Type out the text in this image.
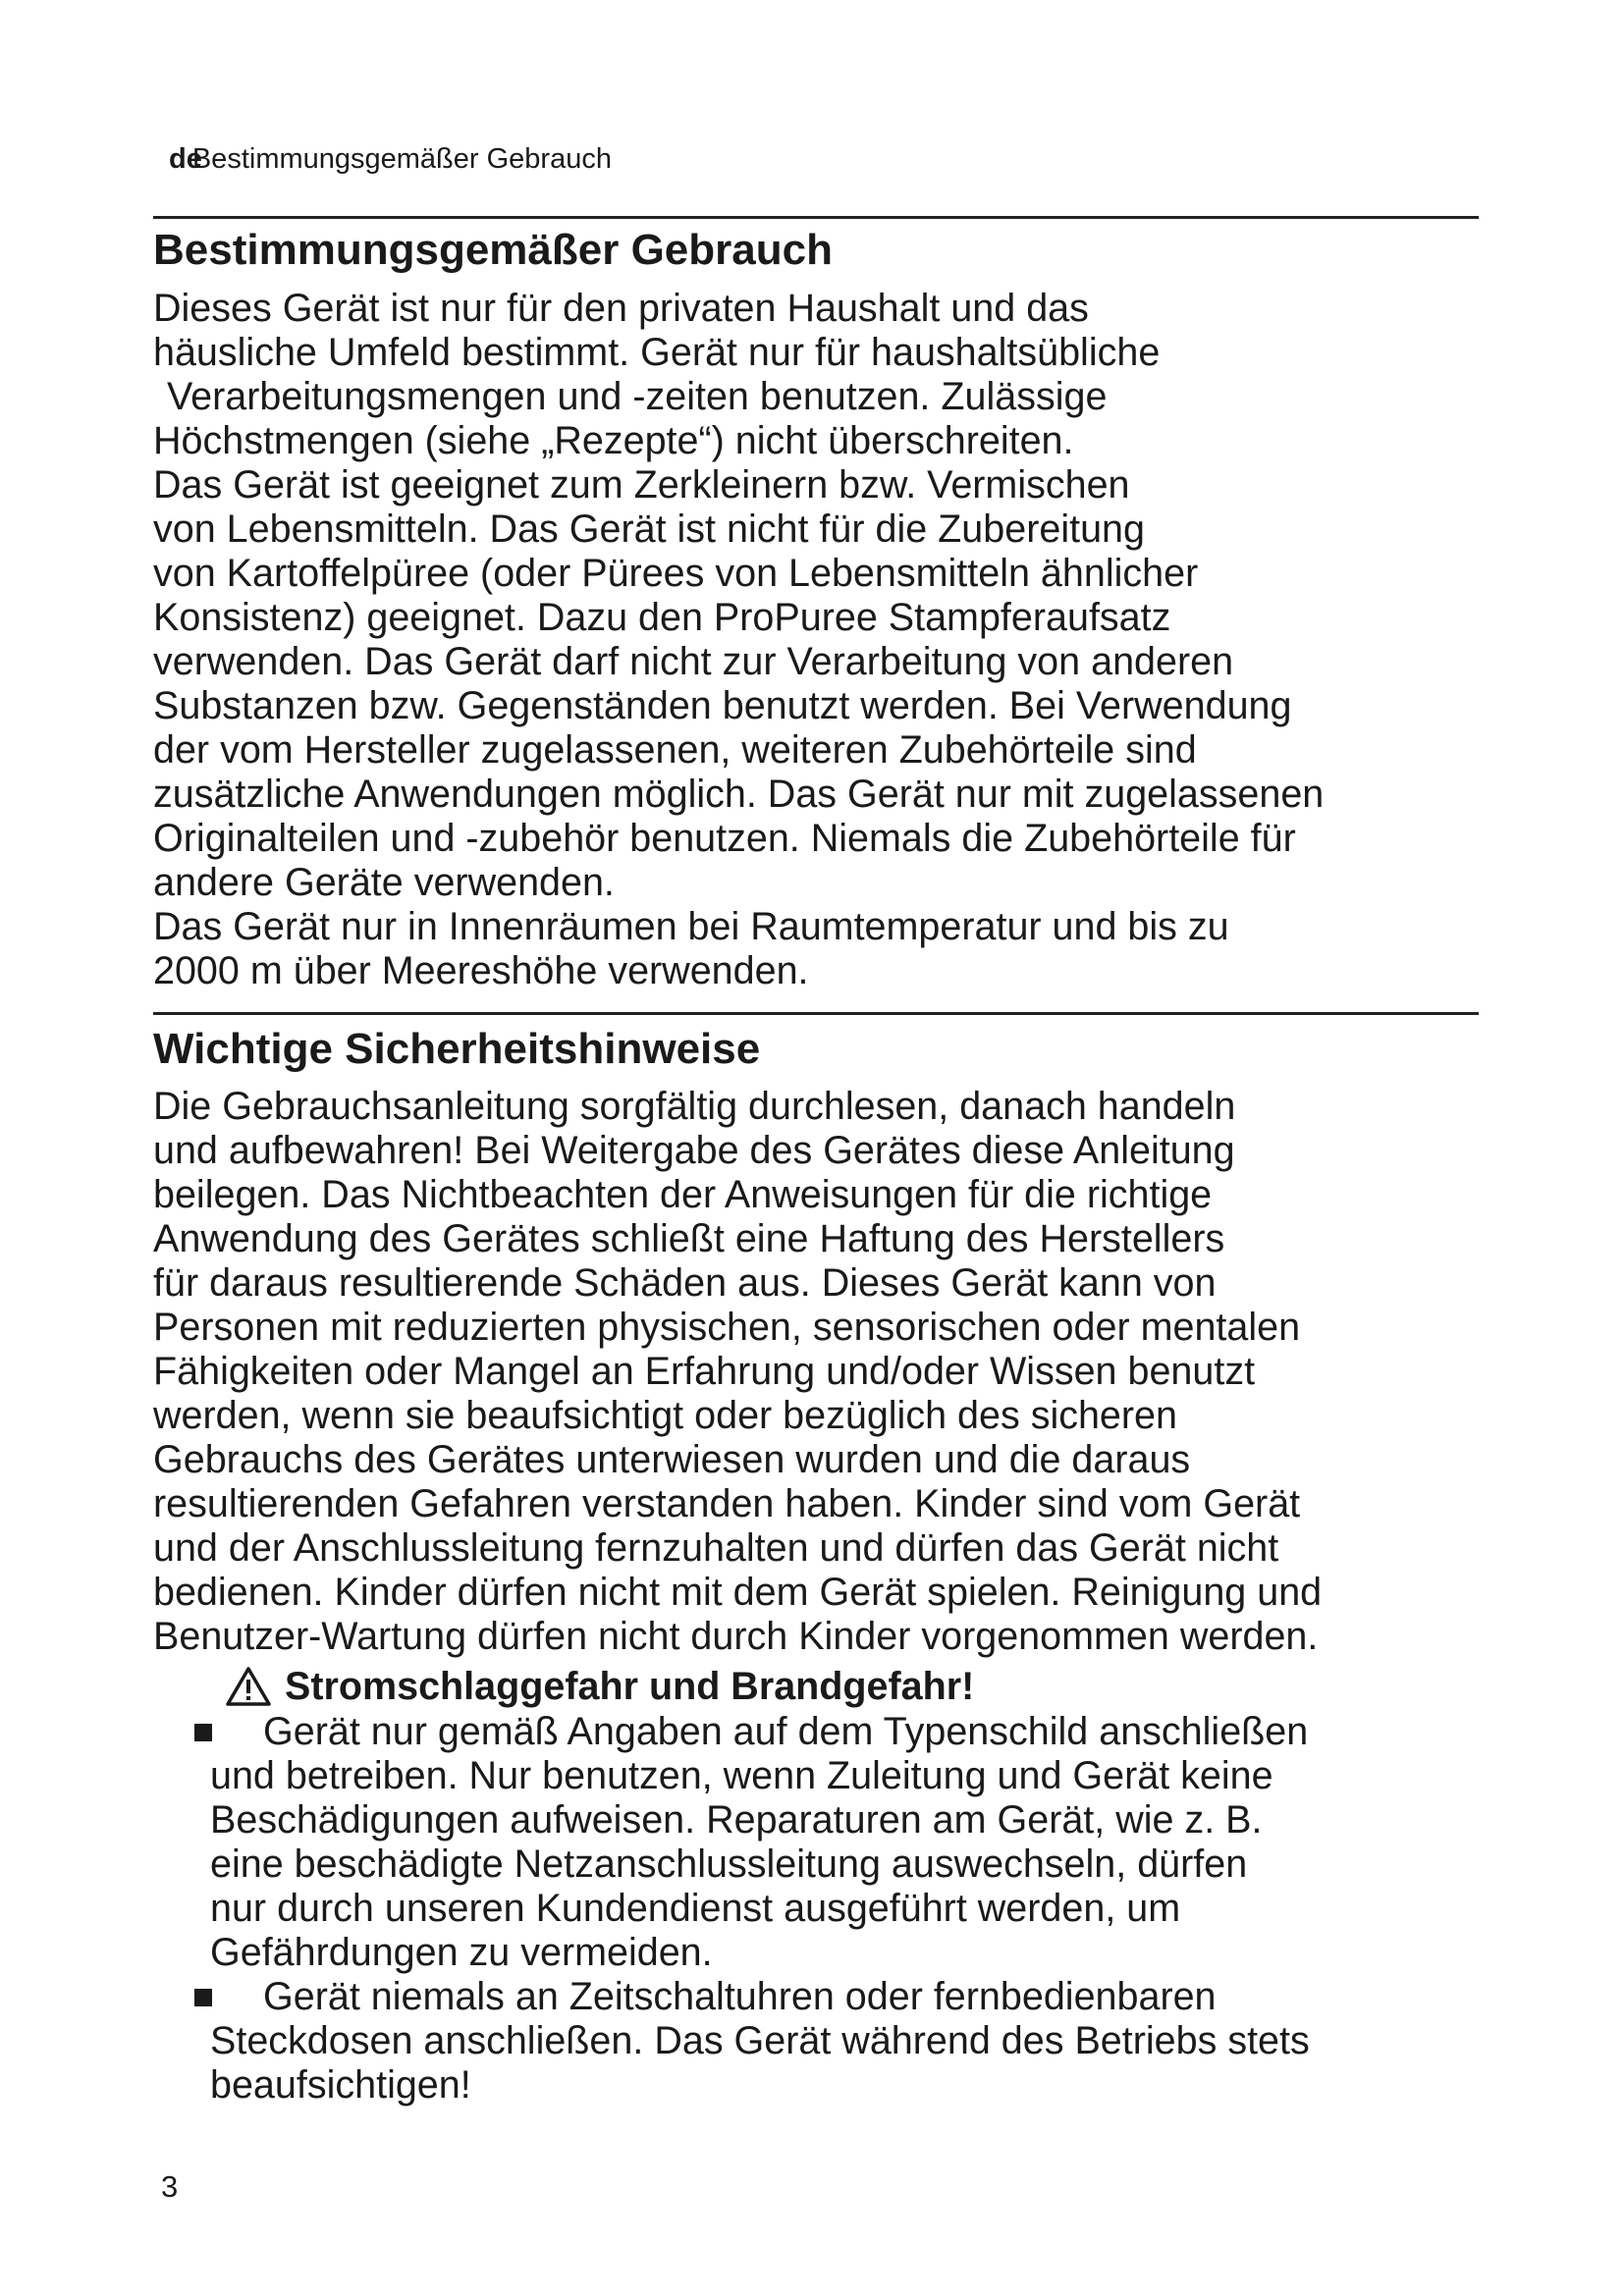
deBestimmungsgemäßer Gebrauch
Bestimmungsgemäßer Gebrauch
Dieses Gerät ist nur für den privaten Haushalt und das
häusliche Umfeld bestimmt. Gerät nur für haushaltsübliche
Verarbeitungsmengen und -zeiten benutzen. Zulässige
Höchstmengen (siehe „Rezepte“) nicht überschreiten.
Das Gerät ist geeignet zum Zerkleinern bzw. Vermischen
von Lebensmitteln. Das Gerät ist nicht für die Zubereitung
von Kartoffelpüree (oder Pürees von Lebensmitteln ähnlicher
Konsistenz) geeignet. Dazu den ProPuree Stampferaufsatz
verwenden. Das Gerät darf nicht zur Verarbeitung von anderen
Substanzen bzw. Gegenständen benutzt werden. Bei Verwendung
der vom Hersteller zugelassenen, weiteren Zubehörteile sind
zusätzliche Anwendungen möglich. Das Gerät nur mit zugelassenen
Originalteilen und -zubehör benutzen. Niemals die Zubehörteile für
andere Geräte verwenden.
Das Gerät nur in Innenräumen bei Raumtemperatur und bis zu
2000 m über Meereshöhe verwenden.
Wichtige Sicherheitshinweise
Die Gebrauchsanleitung sorgfältig durchlesen, danach handeln
und aufbewahren! Bei Weitergabe des Gerätes diese Anleitung
beilegen. Das Nichtbeachten der Anweisungen für die richtige
Anwendung des Gerätes schließt eine Haftung des Herstellers
für daraus resultierende Schäden aus. Dieses Gerät kann von
Personen mit reduzierten physischen, sensorischen oder mentalen
Fähigkeiten oder Mangel an Erfahrung und/oder Wissen benutzt
werden, wenn sie beaufsichtigt oder bezüglich des sicheren
Gebrauchs des Gerätes unterwiesen wurden und die daraus
resultierenden Gefahren verstanden haben. Kinder sind vom Gerät
und der Anschlussleitung fernzuhalten und dürfen das Gerät nicht
bedienen. Kinder dürfen nicht mit dem Gerät spielen. Reinigung und
Benutzer-Wartung dürfen nicht durch Kinder vorgenommen werden.
Stromschlaggefahr und Brandgefahr!
Gerät nur gemäß Angaben auf dem Typenschild anschließen
und betreiben. Nur benutzen, wenn Zuleitung und Gerät keine
Beschädigungen aufweisen. Reparaturen am Gerät, wie z. B.
eine beschädigte Netzanschlussleitung auswechseln, dürfen
nur durch unseren Kundendienst ausgeführt werden, um
Gefährdungen zu vermeiden.
Gerät niemals an Zeitschaltuhren oder fernbedienbaren
Steckdosen anschließen. Das Gerät während des Betriebs stets
beaufsichtigen!
3
